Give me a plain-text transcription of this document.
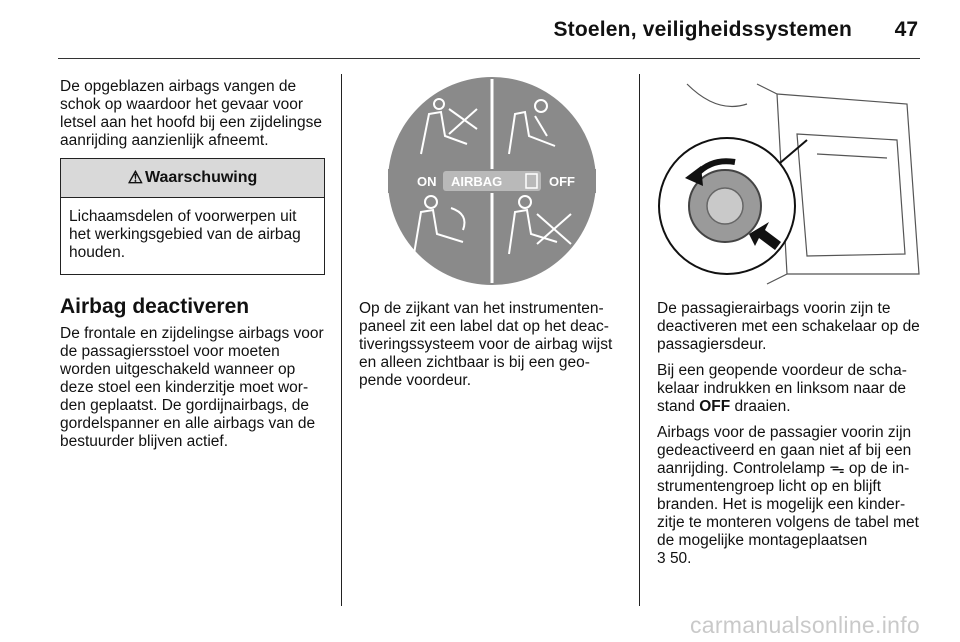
Stoelen, veiligheidssystemen 47

De opgeblazen airbags vangen de schok op waardoor het gevaar voor letsel aan het hoofd bij een zijdelingse aanrijding aanzienlijk afneemt.

⚠ Waarschuwing
Lichaamsdelen of voorwerpen uit het werkingsgebied van de airbag houden.
Airbag deactiveren

De frontale en zijdelingse airbags voor de passagiersstoel voor moeten worden uitgeschakeld wanneer op deze stoel een kinderzitje moet wor-den geplaatst. De gordijnairbags, de gordelspanner en alle airbags van de bestuurder blijven actief.

ON AIRBAG	OFF

Op de zijkant van het instrumenten-paneel zit een label dat op het deac-tiveringssysteem voor de airbag wijst en alleen zichtbaar is bij een geo-pende voordeur.

De passagierairbags voorin zijn te deactiveren met een schakelaar op de passagiersdeur.

Bij een geopende voordeur de scha-kelaar indrukken en linksom naar de stand OFF draaien.

Airbags voor de passagier voorin zijn gedeactiveerd en gaan niet af bij een aanrijding. Controlelamp ᯓ op de in-strumentengroep licht op en blijft branden. Het is mogelijk een kinder-zitje te monteren volgens de tabel met de mogelijke montageplaatsen
3 50.

carmanualsonline.info
